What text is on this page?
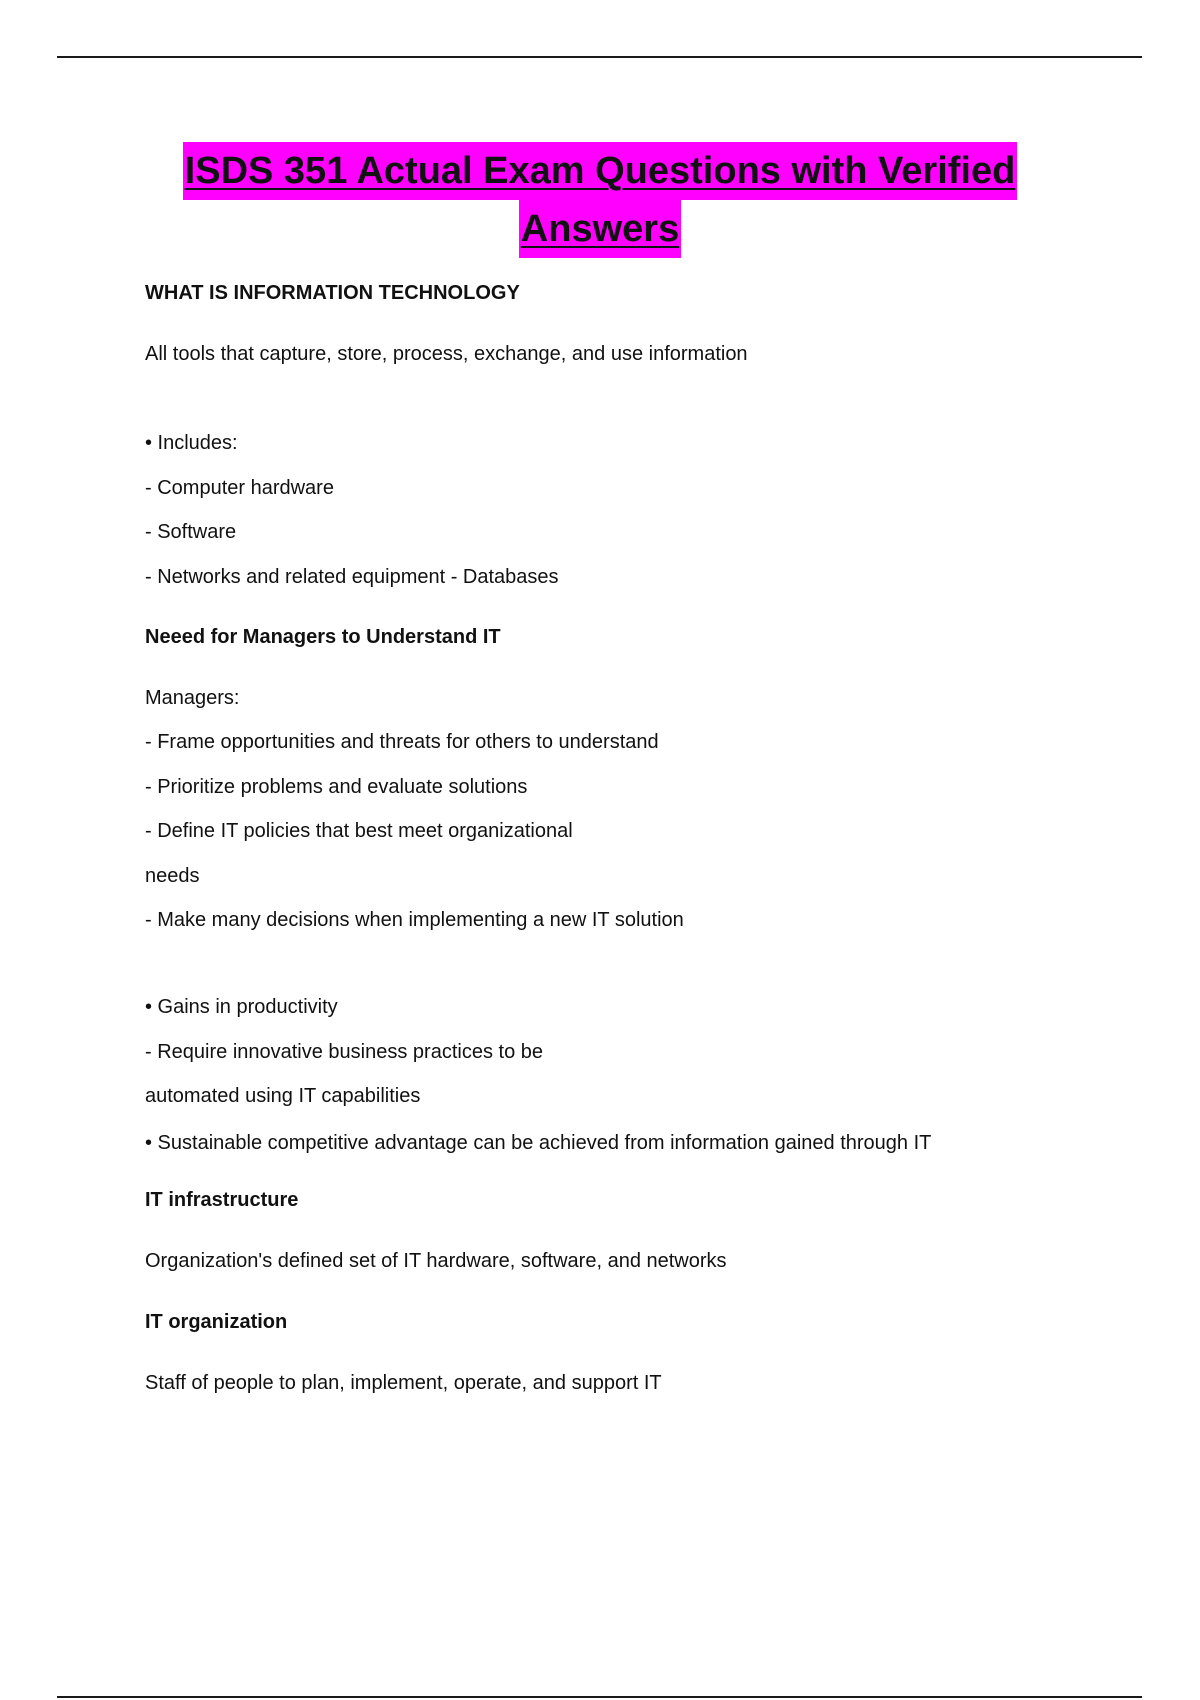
ISDS 351 Actual Exam Questions with Verified
Answers
WHAT IS INFORMATION TECHNOLOGY
All tools that capture, store, process, exchange, and use information
• Includes:
- Computer hardware
- Software
- Networks and related equipment - Databases
Neeed for Managers to Understand IT
Managers:
- Frame opportunities and threats for others to understand
- Prioritize problems and evaluate solutions
- Define IT policies that best meet organizational
needs
- Make many decisions when implementing a new IT solution
• Gains in productivity
- Require innovative business practices to be
automated using IT capabilities
• Sustainable competitive advantage can be achieved from information gained through IT
IT infrastructure
Organization's defined set of IT hardware, software, and networks
IT organization
Staff of people to plan, implement, operate, and support IT
